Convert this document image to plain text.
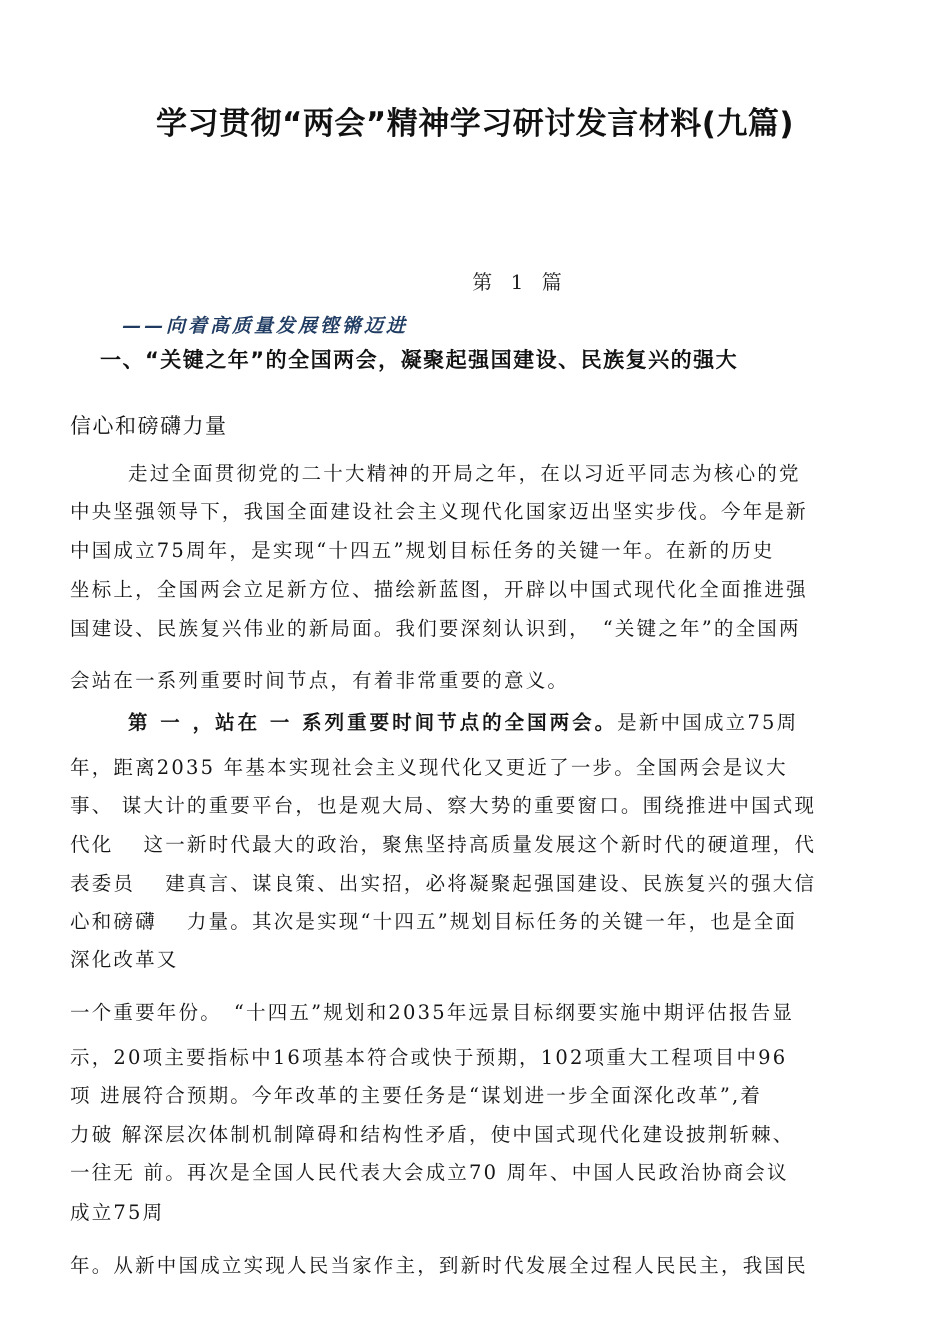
学习贯彻“两会”精神学习研讨发言材料(九篇)
第 1 篇
——向着高质量发展铿锵迈进
一、“关键之年”的全国两会，凝聚起强国建设、民族复兴的强大
信心和磅礴力量
走过全面贯彻党的二十大精神的开局之年，在以习近平同志为核心的党
中央坚强领导下，我国全面建设社会主义现代化国家迈出坚实步伐。今年是新
中国成立75周年，是实现“十四五”规划目标任务的关键一年。在新的历史
坐标上，全国两会立足新方位、描绘新蓝图，开辟以中国式现代化全面推进强
国建设、民族复兴伟业的新局面。我们要深刻认识到，　“关键之年”的全国两
会站在一系列重要时间节点，有着非常重要的意义。
第 一 ，站在 一 系列重要时间节点的全国两会。是新中国成立75周
年，距离2035 年基本实现社会主义现代化又更近了一步。全国两会是议大
事、 谋大计的重要平台，也是观大局、察大势的重要窗口。围绕推进中国式现
代化　 这一新时代最大的政治，聚焦坚持高质量发展这个新时代的硬道理，代
表委员　 建真言、谋良策、出实招，必将凝聚起强国建设、民族复兴的强大信
心和磅礴　 力量。其次是实现“十四五”规划目标任务的关键一年，也是全面
深化改革又
一个重要年份。　“十四五”规划和2035年远景目标纲要实施中期评估报告显
示，20项主要指标中16项基本符合或快于预期，102项重大工程项目中96
项 进展符合预期。今年改革的主要任务是“谋划进一步全面深化改革”,着
力破 解深层次体制机制障碍和结构性矛盾，使中国式现代化建设披荆斩棘、
一往无 前。再次是全国人民代表大会成立70 周年、中国人民政治协商会议
成立75周
年。从新中国成立实现人民当家作主，到新时代发展全过程人民民主，我国民
